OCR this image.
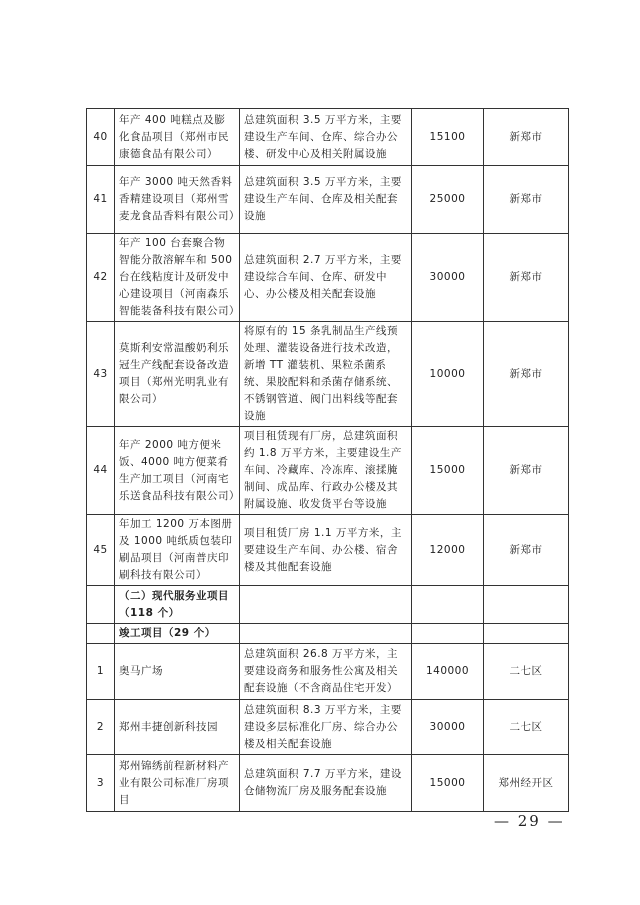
40	年产 400 吨糕点及膨化食品项目（郑州市民康德食品有限公司）	总建筑面积 3.5 万平方米，主要建设生产车间、仓库、综合办公楼、研发中心及相关附属设施	15100	新郑市
41	年产 3000 吨天然香料香精建设项目（郑州雪麦龙食品香料有限公司）	总建筑面积 3.5 万平方米，主要建设生产车间、仓库及相关配套设施	25000	新郑市
42	年产 100 台套聚合物智能分散溶解车和 500 台在线粘度计及研发中心建设项目（河南森乐智能装备科技有限公司）	总建筑面积 2.7 万平方米，主要建设综合车间、仓库、研发中心、办公楼及相关配套设施	30000	新郑市
43	莫斯利安常温酸奶利乐冠生产线配套设备改造项目（郑州光明乳业有限公司）	将原有的 15 条乳制品生产线预处理、灌装设备进行技术改造，新增 TT 灌装机、果粒杀菌系统、果胶配料和杀菌存储系统、不锈钢管道、阀门出料线等配套设施	10000	新郑市
44	年产 2000 吨方便米饭、4000 吨方便菜肴生产加工项目（河南宅乐送食品科技有限公司）	项目租赁现有厂房，总建筑面积约 1.8 万平方米，主要建设生产车间、冷藏库、冷冻库、滚揉腌制间、成品库、行政办公楼及其附属设施、收发货平台等设施	15000	新郑市
45	年加工 1200 万本图册及 1000 吨纸质包装印刷品项目（河南普庆印刷科技有限公司）	项目租赁厂房 1.1 万平方米，主要建设生产车间、办公楼、宿舍楼及其他配套设施	12000	新郑市
	（二）现代服务业项目（118 个）			
	竣工项目（29 个）			
1	奥马广场	总建筑面积 26.8 万平方米，主要建设商务和服务性公寓及相关配套设施（不含商品住宅开发）	140000	二七区
2	郑州丰捷创新科技园	总建筑面积 8.3 万平方米，主要建设多层标准化厂房、综合办公楼及相关配套设施	30000	二七区
3	郑州锦绣前程新材料产业有限公司标准厂房项目	总建筑面积 7.7 万平方米，建设仓储物流厂房及服务配套设施	15000	郑州经开区
— 29 —
